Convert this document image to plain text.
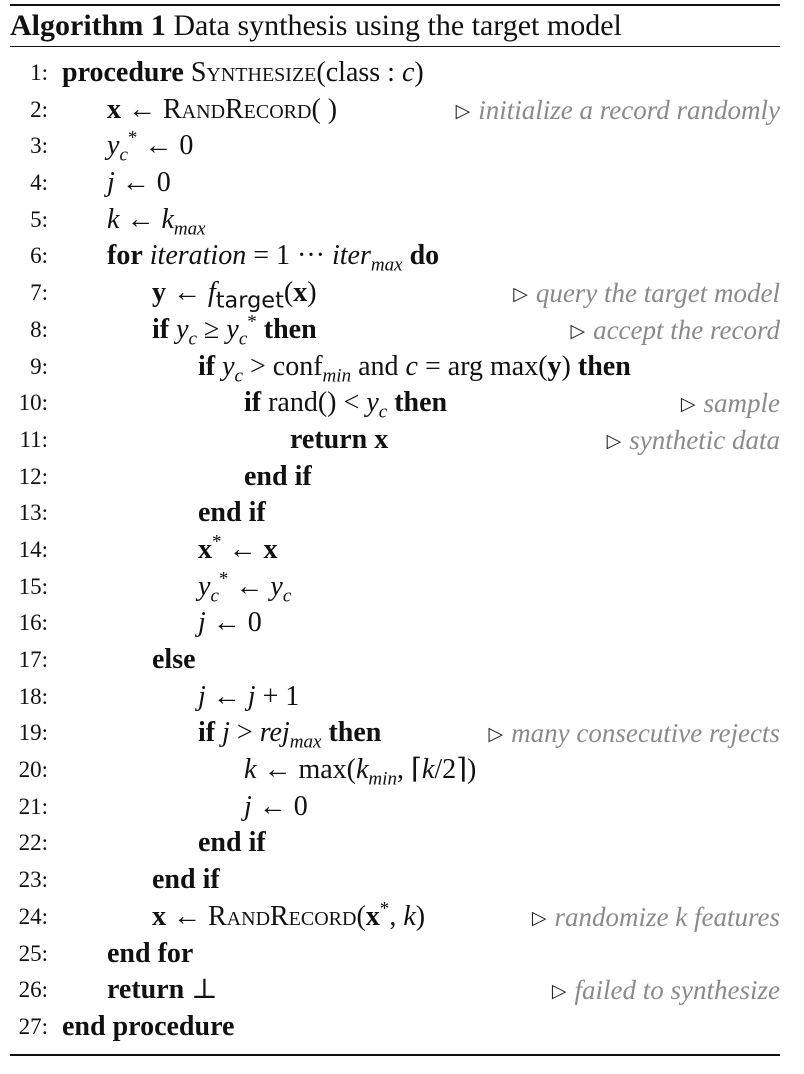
Algorithm 1 Data synthesis using the target model
1: procedure Synthesize(class : c)
2: x ← RandRecord( )	▷ initialize a record randomly
3: $y_c^*$ ← 0
4: j ← 0
5: k ← $k_{max}$
6: for iteration = 1 ··· iter$_{max}$ do
7:	y ← $f_{target}(x)$	▷ query the target model
8:	if $y_c \ge y_c^*$ then	▷ accept the record
9:	if $y_c$ > conf$_{min}$ and c = arg max(y) then
10:	if rand() < $y_c$ then	▷ sample
11:	return x	▷ synthetic data
12:	end if
13:	end if
14:	x* ← x
15:	$y_c^*$ ← $y_c$
16:	j ← 0
17:	else
18:	j ← j + 1
19:	if j > rej$_{max}$ then	▷ many consecutive rejects
20:	k ← $\max(k_{min}$, ⌈k/2⌉)
21:	j ← 0
22:	end if
23:	end if
24:	x ← RandRecord(x*, k)	▷ randomize k features
25: end for
26: return ⊥	▷ failed to synthesize
27: end procedure
